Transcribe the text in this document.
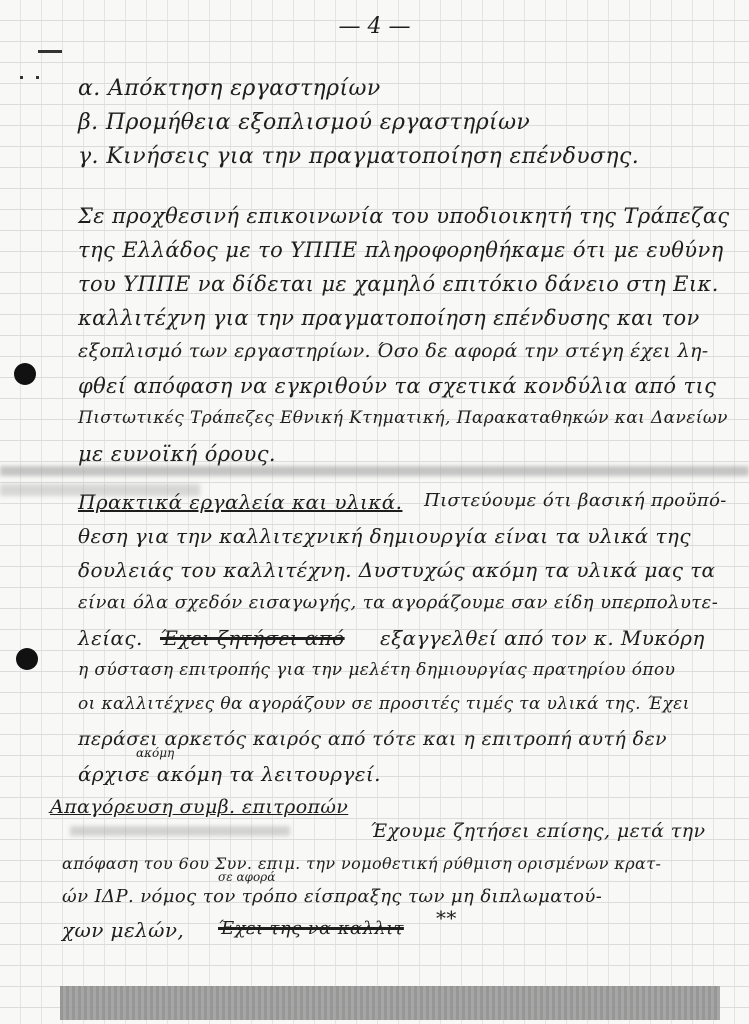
— 4 —
α. Απόκτηση εργαστηρίων
β. Προμήθεια εξοπλισμού εργαστηρίων
γ. Κινήσεις για την πραγματοποίηση επένδυσης.
Σε προχθεσινή επικοινωνία του υποδιοικητή της Τράπεζας
της Ελλάδος με το ΥΠΠΕ πληροφορηθήκαμε ότι με ευθύνη
του ΥΠΠΕ να δίδεται με χαμηλό επιτόκιο δάνειο στη Εικ.
καλλιτέχνη για την πραγματοποίηση επένδυσης και τον
εξοπλισμό των εργαστηρίων. Όσο δε αφορά την στέγη έχει λη-
φθεί απόφαση να εγκριθούν τα σχετικά κονδύλια από τις
Πιστωτικές Τράπεζες Εθνική Κτηματική, Παρακαταθηκών και Δανείων
με ευνοϊκή όρους.
Πρακτικά εργαλεία και υλικά. Πιστεύουμε ότι βασική προϋπό-
θεση για την καλλιτεχνική δημιουργία είναι τα υλικά της
δουλειάς του καλλιτέχνη. Δυστυχώς ακόμη τα υλικά μας τα
είναι όλα σχεδόν εισαγωγής, τα αγοράζουμε σαν είδη υπερπολυτε-
λείας. Έχει ζητήσει από εξαγγελθεί από τον κ. Μυκόρη
η σύσταση επιτροπής για την μελέτη δημιουργίας πρατηρίου όπου
οι καλλιτέχνες θα αγοράζουν σε προσιτές τιμές τα υλικά της. Έχει
περάσει αρκετός καιρός από τότε και η επιτροπή αυτή δεν
ακόμη
άρχισε ακόμη τα λειτουργεί.
Απαγόρευση συμβ. επιτροπών
Έχουμε ζητήσει επίσης, μετά την
απόφαση του 6ου Συν. επιμ. την νομοθετική ρύθμιση ορισμένων κρατ-
σε αφορά
ών ΙΔΡ. νόμος τον τρόπο είσπραξης των μη διπλωματού-
χων μελών, Έχει της να καλλιτ **
